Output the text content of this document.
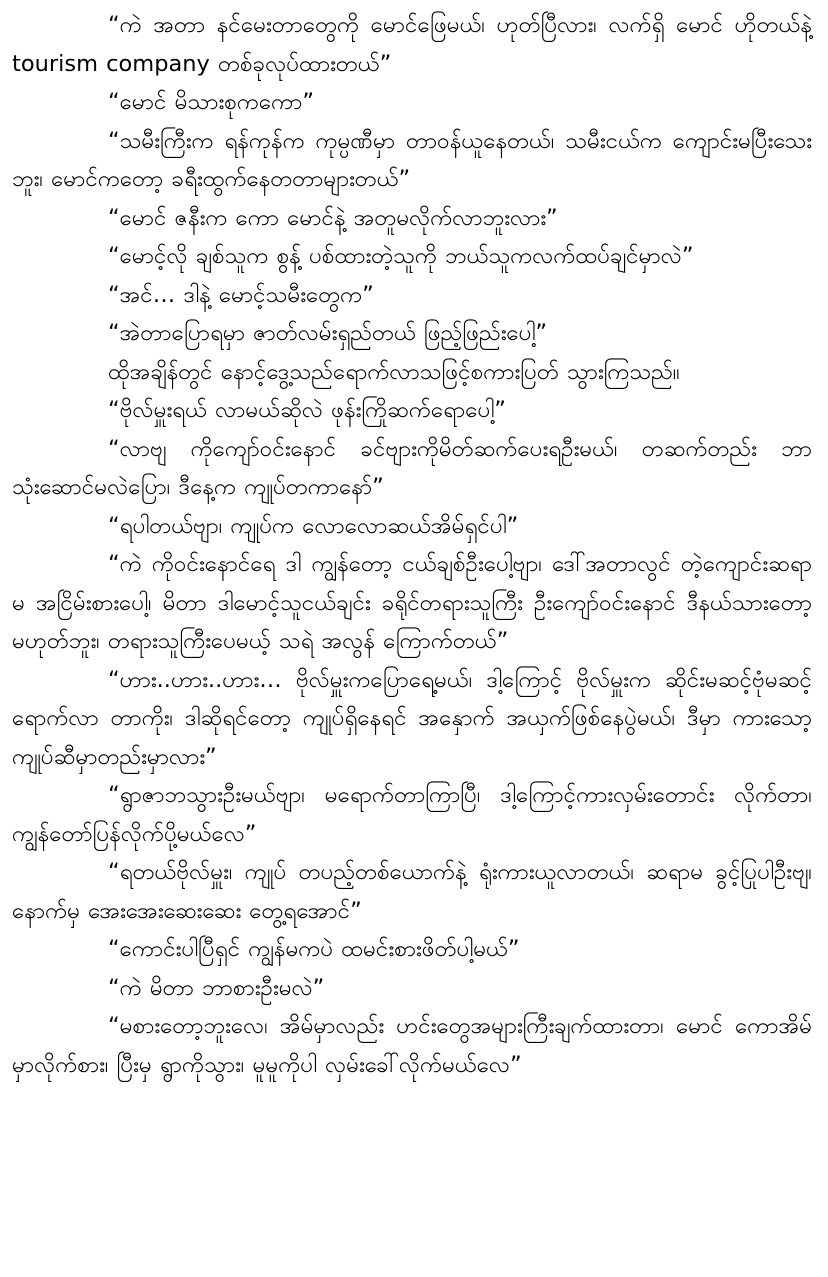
“ကဲ အတာ နင်မေးတာတွေကို မောင်ဖြေမယ်၊ ဟုတ်ပြီလား၊ လက်ရှိ မောင် ဟိုတယ်နဲ့ tourism company တစ်ခုလုပ်ထားတယ်”

“မောင် မိသားစုကကော”

“သမီးကြီးက ရန်ကုန်က ကုမ္ပဏီမှာ တာဝန်ယူနေတယ်၊ သမီးငယ်က ကျောင်းမပြီးသေးဘူး၊ မောင်ကတော့ ခရီးထွက်နေတတာများတယ်”

“မောင် ဇနီးက ကော မောင်နဲ့ အတူမလိုက်လာဘူးလား”

“မောင့်လို ချစ်သူက စွန့် ပစ်ထားတဲ့သူကို ဘယ်သူကလက်ထပ်ချင်မှာလဲ”

“အင်… ဒါနဲ့ မောင့်သမီးတွေက”

“အဲတာပြောရမှာ ဇာတ်လမ်းရှည်တယ် ဖြည့်ဖြည်းပေါ့”

ထိုအချိန်တွင် နောင့်ဒွေ့သည်ရောက်လာသဖြင့်စကားပြတ် သွားကြသည်။

“ဗိုလ်မှူးရယ် လာမယ်ဆိုလဲ ဖုန်းကြိုဆက်ရောပေါ့”

“လာဗျ ကိုကျော်ဝင်းနောင် ခင်ဗျားကိုမိတ်ဆက်ပေးရဦးမယ်၊ တဆက်တည်း ဘာသုံးဆောင်မလဲပြော၊ ဒီနေ့က ကျုပ်တကာနော်”

“ရပါတယ်ဗျာ၊ ကျုပ်က လောလောဆယ်အိမ်ရှင်ပါ”

“ကဲ ကိုဝင်းနောင်ရေ ဒါ ကျွန်တော့ ငယ်ချစ်ဦးပေါ့ဗျာ၊ ဒေါ်အတာလွင် တဲ့ကျောင်းဆရာမ အငြိမ်းစားပေါ့၊ မိတာ ဒါမောင့်သူငယ်ချင်း ခရိုင်တရားသူကြီး ဦးကျော်ဝင်းနောင် ဒီနယ်သားတော့မဟုတ်ဘူး၊ တရားသူကြီးပေမယ့် သရဲ အလွန် ကြောက်တယ်”

“ဟား..ဟား..ဟား… ဗိုလ်မှူးကပြောရေ့မယ်၊ ဒါ့ကြောင့် ဗိုလ်မှူးက ဆိုင်းမဆင့်ဗုံမဆင့် ရောက်လာ တာကိုး၊ ဒါဆိုရင်တော့ ကျုပ်ရှိနေရင် အနှောက် အယှက်ဖြစ်နေပွဲမယ်၊ ဒီမှာ ကားသော့ ကျုပ်ဆီမှာတည်းမှာလား”

“ရွာဇာဘသွားဦးမယ်ဗျာ၊ မရောက်တာကြာပြီ၊ ဒါ့ကြောင့်ကားလှမ်းတောင်း လိုက်တာ၊ ကျွန်တော်ပြန်လိုက်ပို့မယ်လေ”

“ရတယ်ဗိုလ်မှူး၊ ကျုပ် တပည့်တစ်ယောက်နဲ့ ရုံးကားယူလာတယ်၊ ဆရာမ ခွင့်ပြုပါဦးဗျ၊ နောက်မှ အေးအေးဆေးဆေး တွေ့ရအောင်”

“ကောင်းပါပြီရှင် ကျွန်မကပဲ ထမင်းစားဖိတ်ပါ့မယ်”

“ကဲ မိတာ ဘာစားဦးမလဲ”

“မစားတော့ဘူးလေ၊ အိမ်မှာလည်း ဟင်းတွေအများကြီးချက်ထားတာ၊ မောင် ကောအိမ်မှာလိုက်စား၊ ပြီးမှ ရွာကိုသွား၊ မူမူကိုပါ လှမ်းခေါ်လိုက်မယ်လေ”
